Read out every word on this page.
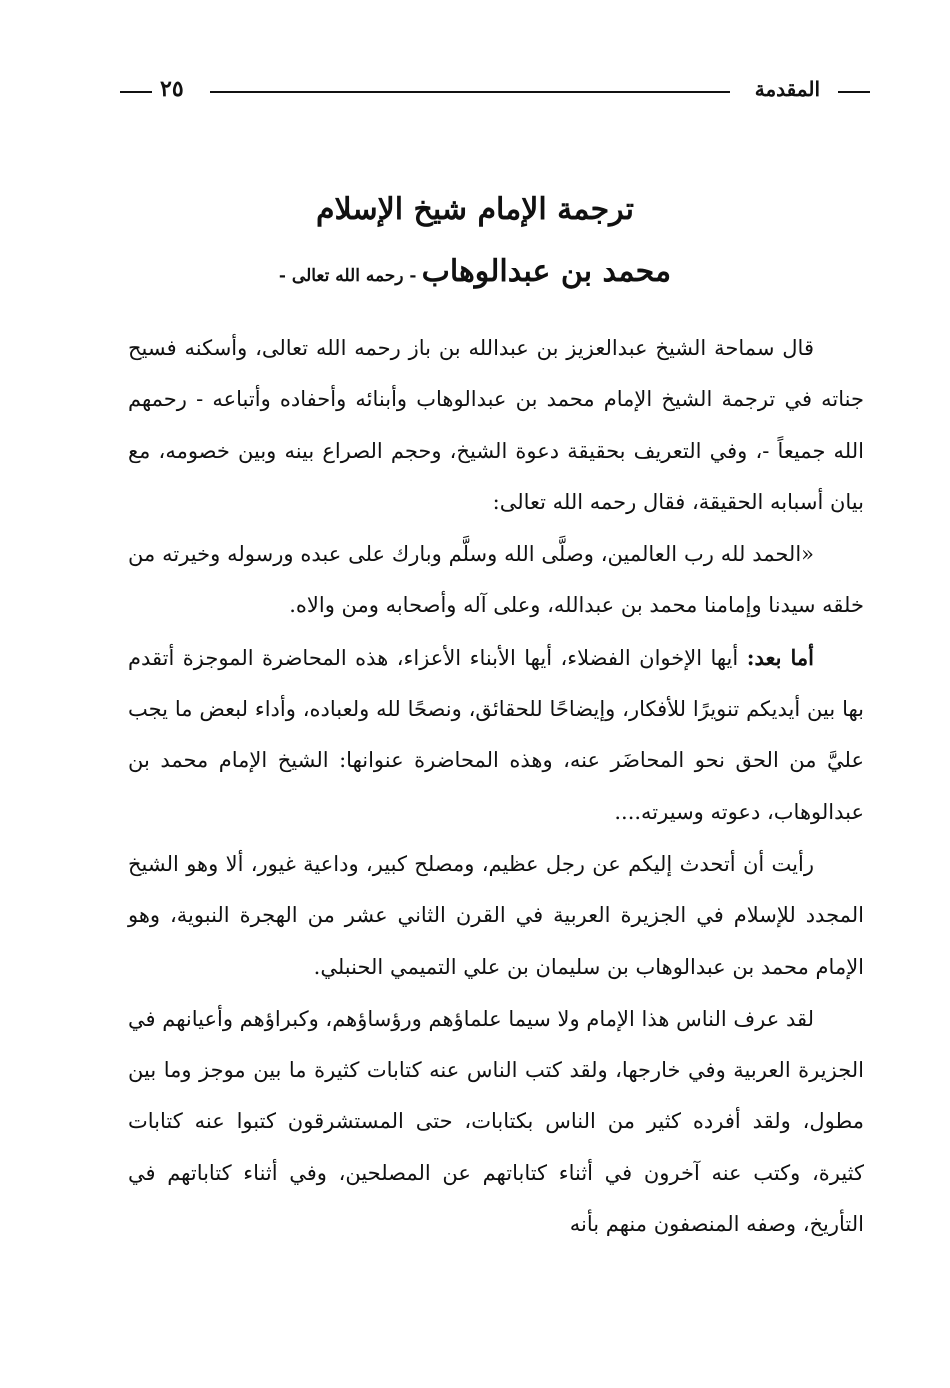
٢٥	المقدمة
ترجمة الإمام شيخ الإسلام
محمد بن عبدالوهاب - رحمه الله تعالى -

قال سماحة الشيخ عبدالعزيز بن عبدالله بن باز رحمه الله تعالى، وأسكنه فسيح جناته في ترجمة الشيخ الإمام محمد بن عبدالوهاب وأبنائه وأحفاده وأتباعه - رحمهم الله جميعاً -، وفي التعريف بحقيقة دعوة الشيخ، وحجم الصراع بينه وبين خصومه، مع بيان أسبابه الحقيقة، فقال رحمه الله تعالى:

«الحمد لله رب العالمين، وصلَّى الله وسلَّم وبارك على عبده ورسوله وخيرته من خلقه سيدنا وإمامنا محمد بن عبدالله، وعلى آله وأصحابه ومن والاه.

أما بعد: أيها الإخوان الفضلاء، أيها الأبناء الأعزاء، هذه المحاضرة الموجزة أتقدم بها بين أيديكم تنويرًا للأفكار، وإيضاحًا للحقائق، ونصحًا لله ولعباده، وأداء لبعض ما يجب عليَّ من الحق نحو المحاضَر عنه، وهذه المحاضرة عنوانها: الشيخ الإمام محمد بن عبدالوهاب، دعوته وسيرته....

رأيت أن أتحدث إليكم عن رجل عظيم، ومصلح كبير، وداعية غيور، ألا وهو الشيخ المجدد للإسلام في الجزيرة العربية في القرن الثاني عشر من الهجرة النبوية، وهو الإمام محمد بن عبدالوهاب بن سليمان بن علي التميمي الحنبلي.

لقد عرف الناس هذا الإمام ولا سيما علماؤهم ورؤساؤهم، وكبراؤهم وأعيانهم في الجزيرة العربية وفي خارجها، ولقد كتب الناس عنه كتابات كثيرة ما بين موجز وما بين مطول، ولقد أفرده كثير من الناس بكتابات، حتى المستشرقون كتبوا عنه كتابات كثيرة، وكتب عنه آخرون في أثناء كتاباتهم عن المصلحين، وفي أثناء كتاباتهم في التأريخ، وصفه المنصفون منهم بأنه
